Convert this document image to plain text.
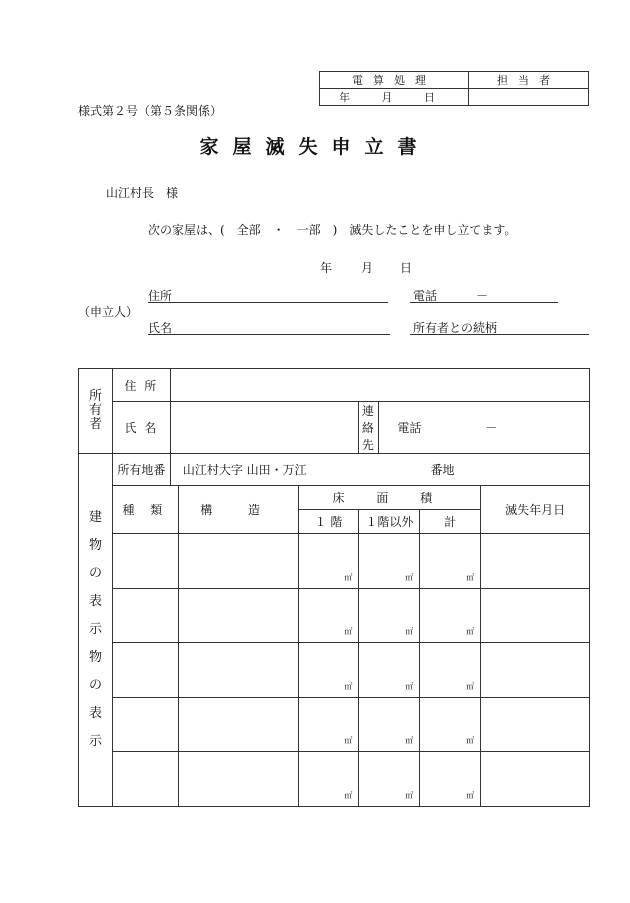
電算処理	担当者
年 月 日	
様式第２号（第５条関係）
家屋滅失申立書
山江村長　様
次の家屋は、(　全部　・　一部　)　滅失したことを申し立てます。
年 月 日
（申立人）
住所	電話	－
氏名	所有者との続柄
所有者	住 所							
	氏 名				連 絡 先	電話 －		

建物の表示物の表示	所有地番	山江村大字 山田・万江 番地						
	種 類		構 造	床 面 積				滅失年月日
				１ 階	１階以外		計	

				㎡	㎡		㎡	

				㎡	㎡		㎡	

				㎡	㎡		㎡	

				㎡	㎡		㎡	

				㎡	㎡		㎡	
